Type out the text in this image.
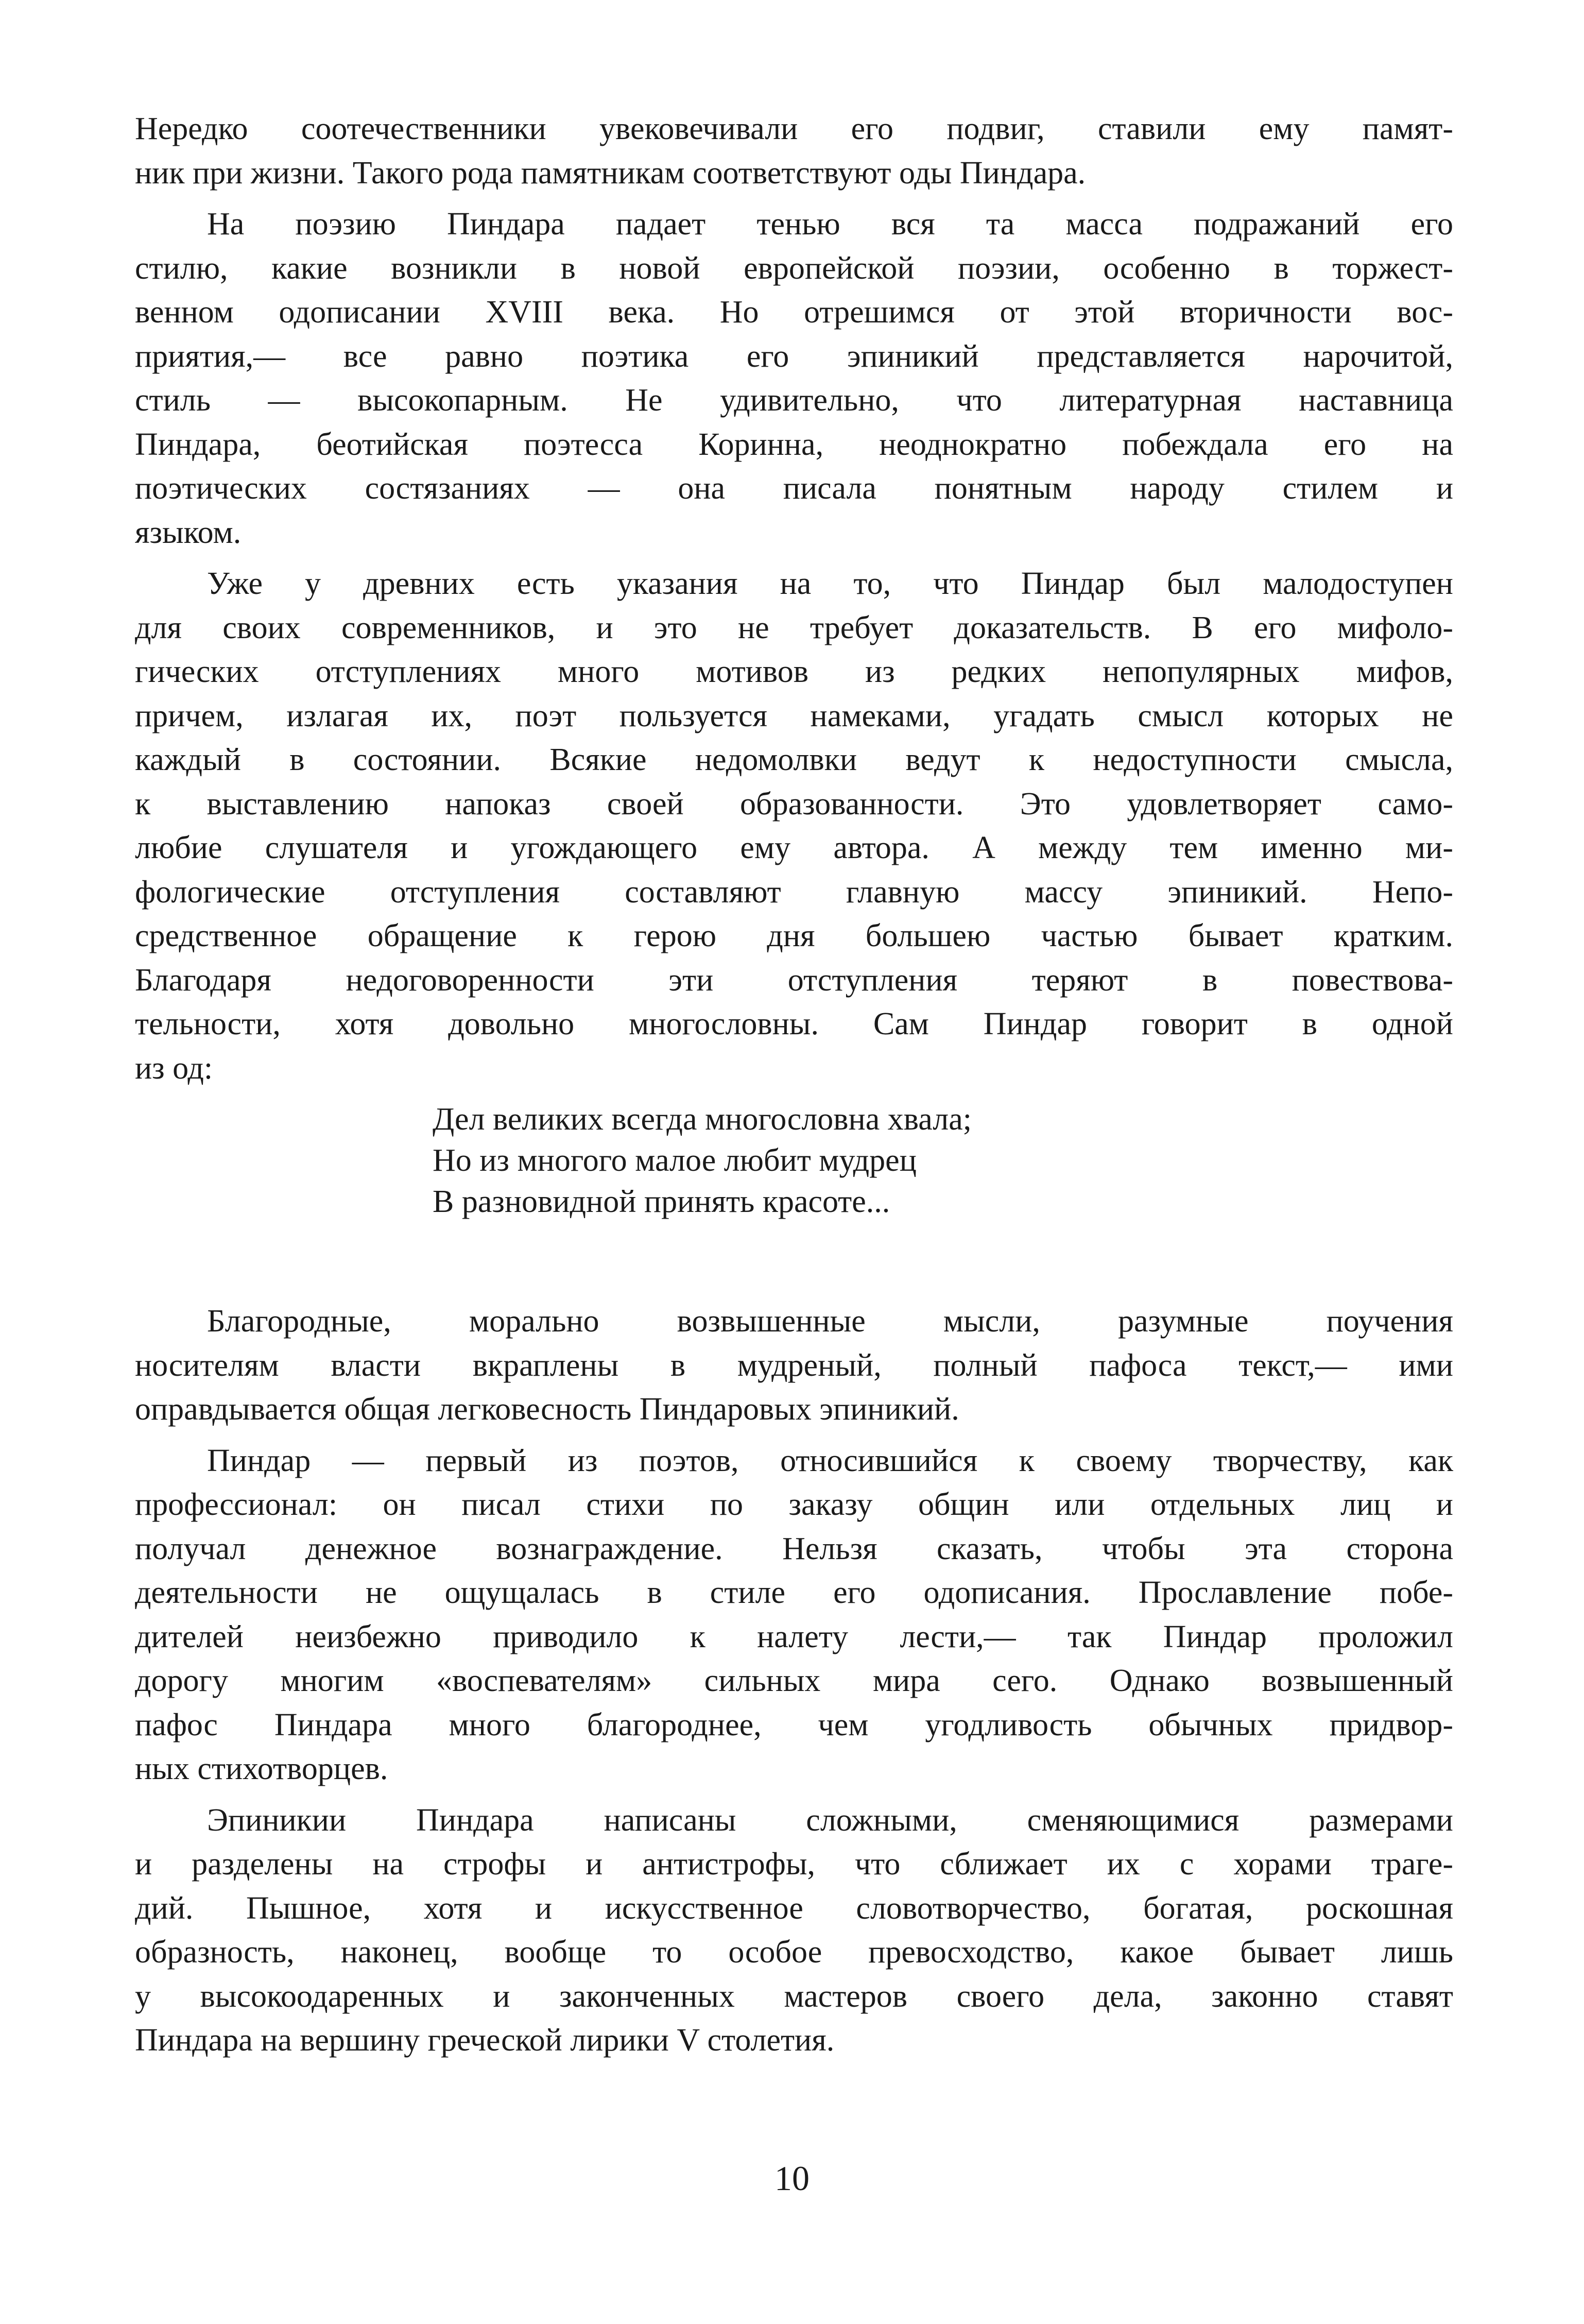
Нередко соотечественники увековечивали его подвиг, ставили ему памят-
ник при жизни. Такого рода памятникам соответствуют оды Пиндара.

На поэзию Пиндара падает тенью вся та масса подражаний его
стилю, какие возникли в новой европейской поэзии, особенно в торжест-
венном одописании XVIII века. Но отрешимся от этой вторичности вос-
приятия,— все равно поэтика его эпиникий представляется нарочитой,
стиль — высокопарным. Не удивительно, что литературная наставница
Пиндара, беотийская поэтесса Коринна, неоднократно побеждала его на
поэтических состязаниях — она писала понятным народу стилем и
языком.

Уже у древних есть указания на то, что Пиндар был малодоступен
для своих современников, и это не требует доказательств. В его мифоло-
гических отступлениях много мотивов из редких непопулярных мифов,
причем, излагая их, поэт пользуется намеками, угадать смысл которых не
каждый в состоянии. Всякие недомолвки ведут к недоступности смысла,
к выставлению напоказ своей образованности. Это удовлетворяет само-
любие слушателя и угождающего ему автора. А между тем именно ми-
фологические отступления составляют главную массу эпиникий. Непо-
средственное обращение к герою дня большею частью бывает кратким.
Благодаря недоговоренности эти отступления теряют в повествова-
тельности, хотя довольно многословны. Сам Пиндар говорит в одной
из од:

Дел великих всегда многословна хвала;
Но из многого малое любит мудрец
В разновидной принять красоте...

Благородные, морально возвышенные мысли, разумные поучения
носителям власти вкраплены в мудреный, полный пафоса текст,— ими
оправдывается общая легковесность Пиндаровых эпиникий.

Пиндар — первый из поэтов, относившийся к своему творчеству, как
профессионал: он писал стихи по заказу общин или отдельных лиц и
получал денежное вознаграждение. Нельзя сказать, чтобы эта сторона
деятельности не ощущалась в стиле его одописания. Прославление побе-
дителей неизбежно приводило к налету лести,— так Пиндар проложил
дорогу многим «воспевателям» сильных мира сего. Однако возвышенный
пафос Пиндара много благороднее, чем угодливость обычных придвор-
ных стихотворцев.

Эпиникии Пиндара написаны сложными, сменяющимися размерами
и разделены на строфы и антистрофы, что сближает их с хорами траге-
дий. Пышное, хотя и искусственное словотворчество, богатая, роскошная
образность, наконец, вообще то особое превосходство, какое бывает лишь
у высокоодаренных и законченных мастеров своего дела, законно ставят
Пиндара на вершину греческой лирики V столетия.

10
